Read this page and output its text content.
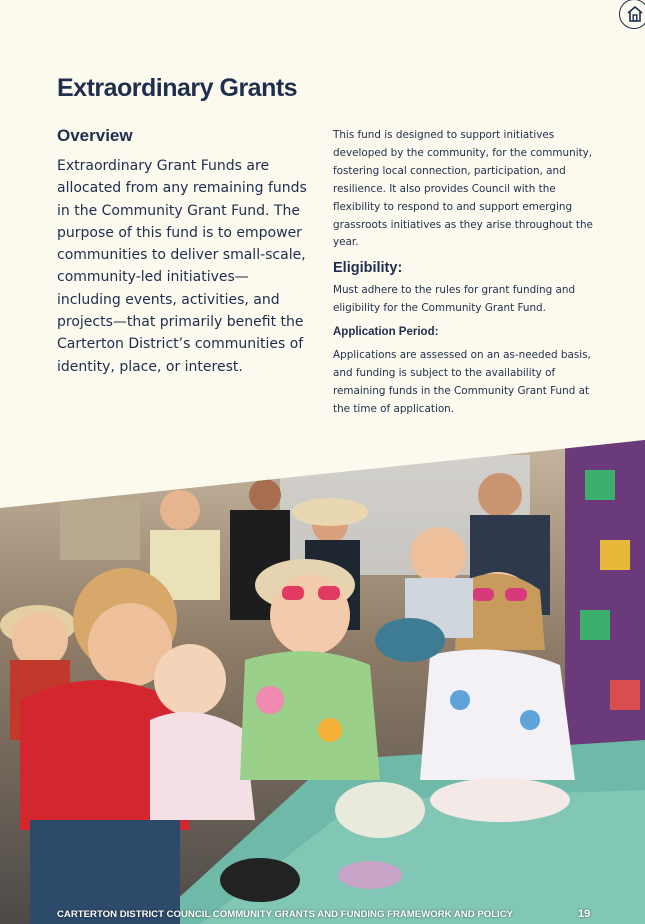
Extraordinary Grants
Overview

Extraordinary Grant Funds are allocated from any remaining funds in the Community Grant Fund. The purpose of this fund is to empower communities to deliver small-scale, community-led initiatives—including events, activities, and projects—that primarily benefit the Carterton District’s communities of identity, place, or interest.

This fund is designed to support initiatives developed by the community, for the community, fostering local connection, participation, and resilience. It also provides Council with the flexibility to respond to and support emerging grassroots initiatives as they arise throughout the year.

Eligibility:

Must adhere to the rules for grant funding and eligibility for the Community Grant Fund.

Application Period:

Applications are assessed on an as-needed basis, and funding is subject to the availability of remaining funds in the Community Grant Fund at the time of application.

CARTERTON DISTRICT COUNCIL COMMUNITY GRANTS AND FUNDING FRAMEWORK AND POLICY	19
